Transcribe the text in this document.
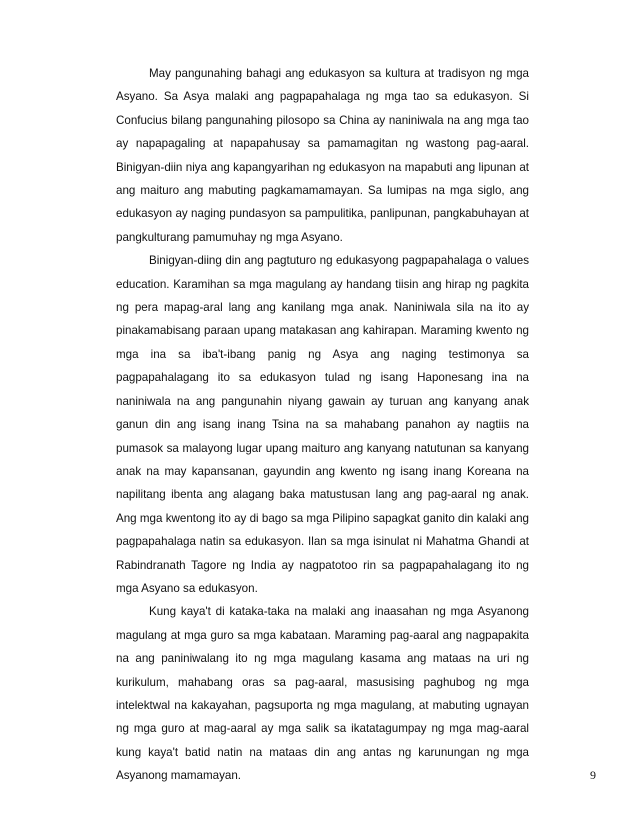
May pangunahing bahagi ang edukasyon sa kultura at tradisyon ng mga Asyano. Sa Asya malaki ang pagpapahalaga ng mga tao sa edukasyon. Si Confucius bilang pangunahing pilosopo sa China ay naniniwala na ang mga tao ay napapagaling at napapahusay sa pamamagitan ng wastong pag-aaral. Binigyan-diin niya ang kapangyarihan ng edukasyon na mapabuti ang lipunan at ang maituro ang mabuting pagkamamamayan. Sa lumipas na mga siglo, ang edukasyon ay naging pundasyon sa pampulitika, panlipunan, pangkabuhayan at pangkulturang pamumuhay ng mga Asyano.

Binigyan-diing din ang pagtuturo ng edukasyong pagpapahalaga o values education. Karamihan sa mga magulang ay handang tiisin ang hirap ng pagkita ng pera mapag-aral lang ang kanilang mga anak. Naniniwala sila na ito ay pinakamabisang paraan upang matakasan ang kahirapan. Maraming kwento ng mga ina sa iba't-ibang panig ng Asya ang naging testimonya sa pagpapahalagang ito sa edukasyon tulad ng isang Haponesang ina na naniniwala na ang pangunahin niyang gawain ay turuan ang kanyang anak ganun din ang isang inang Tsina na sa mahabang panahon ay nagtiis na pumasok sa malayong lugar upang maituro ang kanyang natutunan sa kanyang anak na may kapansanan, gayundin ang kwento ng isang inang Koreana na napilitang ibenta ang alagang baka matustusan lang ang pag-aaral ng anak. Ang mga kwentong ito ay di bago sa mga Pilipino sapagkat ganito din kalaki ang pagpapahalaga natin sa edukasyon. Ilan sa mga isinulat ni Mahatma Ghandi at Rabindranath Tagore ng India ay nagpatotoo rin sa pagpapahalagang ito ng mga Asyano sa edukasyon.

Kung kaya't di kataka-taka na malaki ang inaasahan ng mga Asyanong magulang at mga guro sa mga kabataan. Maraming pag-aaral ang nagpapakita na ang paniniwalang ito ng mga magulang kasama ang mataas na uri ng kurikulum, mahabang oras sa pag-aaral, masusising paghubog ng mga intelektwal na kakayahan, pagsuporta ng mga magulang, at mabuting ugnayan ng mga guro at mag-aaral ay mga salik sa ikatatagumpay ng mga mag-aaral kung kaya't batid natin na mataas din ang antas ng karunungan ng mga Asyanong mamamayan.	9
